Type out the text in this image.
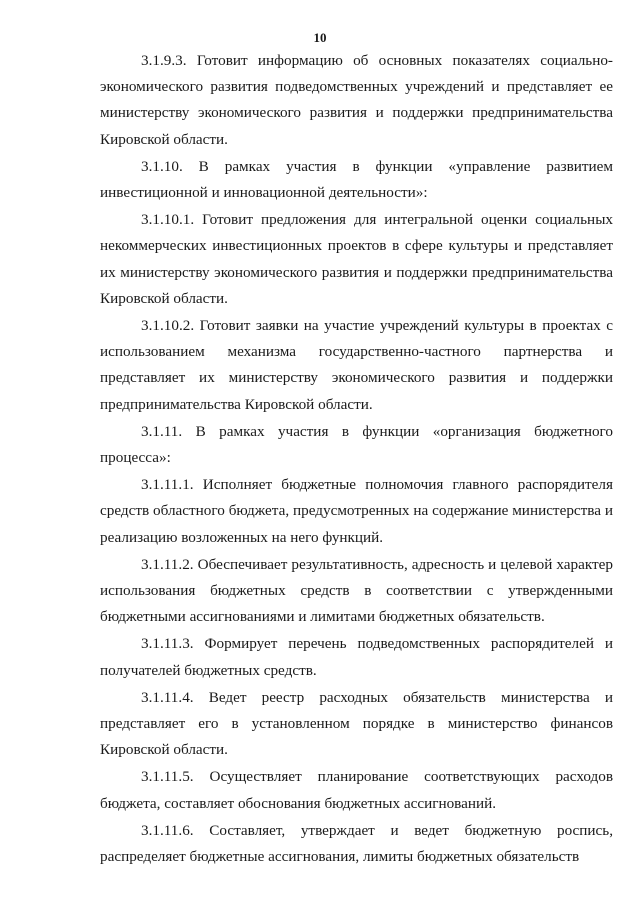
10

3.1.9.3. Готовит информацию об основных показателях социально-экономического развития подведомственных учреждений и представляет ее министерству экономического развития и поддержки предпринимательства Кировской области.

3.1.10. В рамках участия в функции «управление развитием инвестиционной и инновационной деятельности»:

3.1.10.1. Готовит предложения для интегральной оценки социальных некоммерческих инвестиционных проектов в сфере культуры и представляет их министерству экономического развития и поддержки предпринимательства Кировской области.

3.1.10.2. Готовит заявки на участие учреждений культуры в проектах с использованием механизма государственно-частного партнерства и представляет их министерству экономического развития и поддержки предпринимательства Кировской области.

3.1.11. В рамках участия в функции «организация бюджетного процесса»:

3.1.11.1. Исполняет бюджетные полномочия главного распорядителя средств областного бюджета, предусмотренных на содержание министерства и реализацию возложенных на него функций.

3.1.11.2. Обеспечивает результативность, адресность и целевой характер использования бюджетных средств в соответствии с утвержденными бюджетными ассигнованиями и лимитами бюджетных обязательств.

3.1.11.3. Формирует перечень подведомственных распорядителей и получателей бюджетных средств.

3.1.11.4. Ведет реестр расходных обязательств министерства и представляет его в установленном порядке в министерство финансов Кировской области.

3.1.11.5. Осуществляет планирование соответствующих расходов бюджета, составляет обоснования бюджетных ассигнований.

3.1.11.6. Составляет, утверждает и ведет бюджетную роспись, распределяет бюджетные ассигнования, лимиты бюджетных обязательств
